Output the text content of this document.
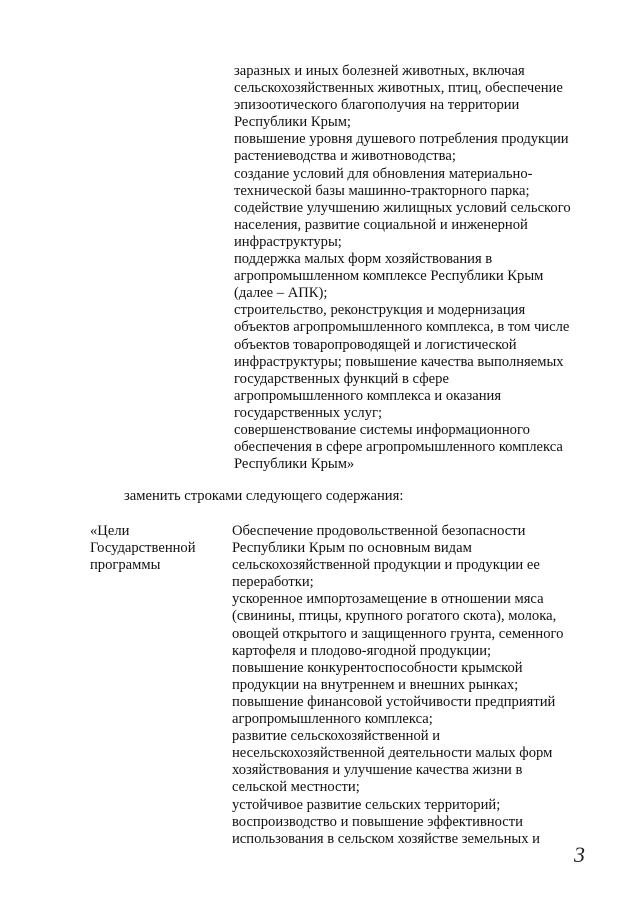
заразных и иных болезней животных, включая
сельскохозяйственных животных, птиц, обеспечение
эпизоотического благополучия на территории
Республики Крым;
повышение уровня душевого потребления продукции
растениеводства и животноводства;
создание условий для обновления материально-
технической базы машинно-тракторного парка;
содействие улучшению жилищных условий сельского
населения, развитие социальной и инженерной
инфраструктуры;
поддержка малых форм хозяйствования в
агропромышленном комплексе Республики Крым
(далее – АПК);
строительство, реконструкция и модернизация
объектов агропромышленного комплекса, в том числе
объектов товаропроводящей и логистической
инфраструктуры; повышение качества выполняемых
государственных функций в сфере
агропромышленного комплекса и оказания
государственных услуг;
совершенствование системы информационного
обеспечения в сфере агропромышленного комплекса
Республики Крым»
заменить строками следующего содержания:
«Цели
Государственной
программы
Обеспечение продовольственной безопасности
Республики Крым по основным видам
сельскохозяйственной продукции и продукции ее
переработки;
ускоренное импортозамещение в отношении мяса
(свинины, птицы, крупного рогатого скота), молока,
овощей открытого и защищенного грунта, семенного
картофеля и плодово-ягодной продукции;
повышение конкурентоспособности крымской
продукции на внутреннем и внешних рынках;
повышение финансовой устойчивости предприятий
агропромышленного комплекса;
развитие сельскохозяйственной и
несельскохозяйственной деятельности малых форм
хозяйствования и улучшение качества жизни в
сельской местности;
устойчивое развитие сельских территорий;
воспроизводство и повышение эффективности
использования в сельском хозяйстве земельных и
3
